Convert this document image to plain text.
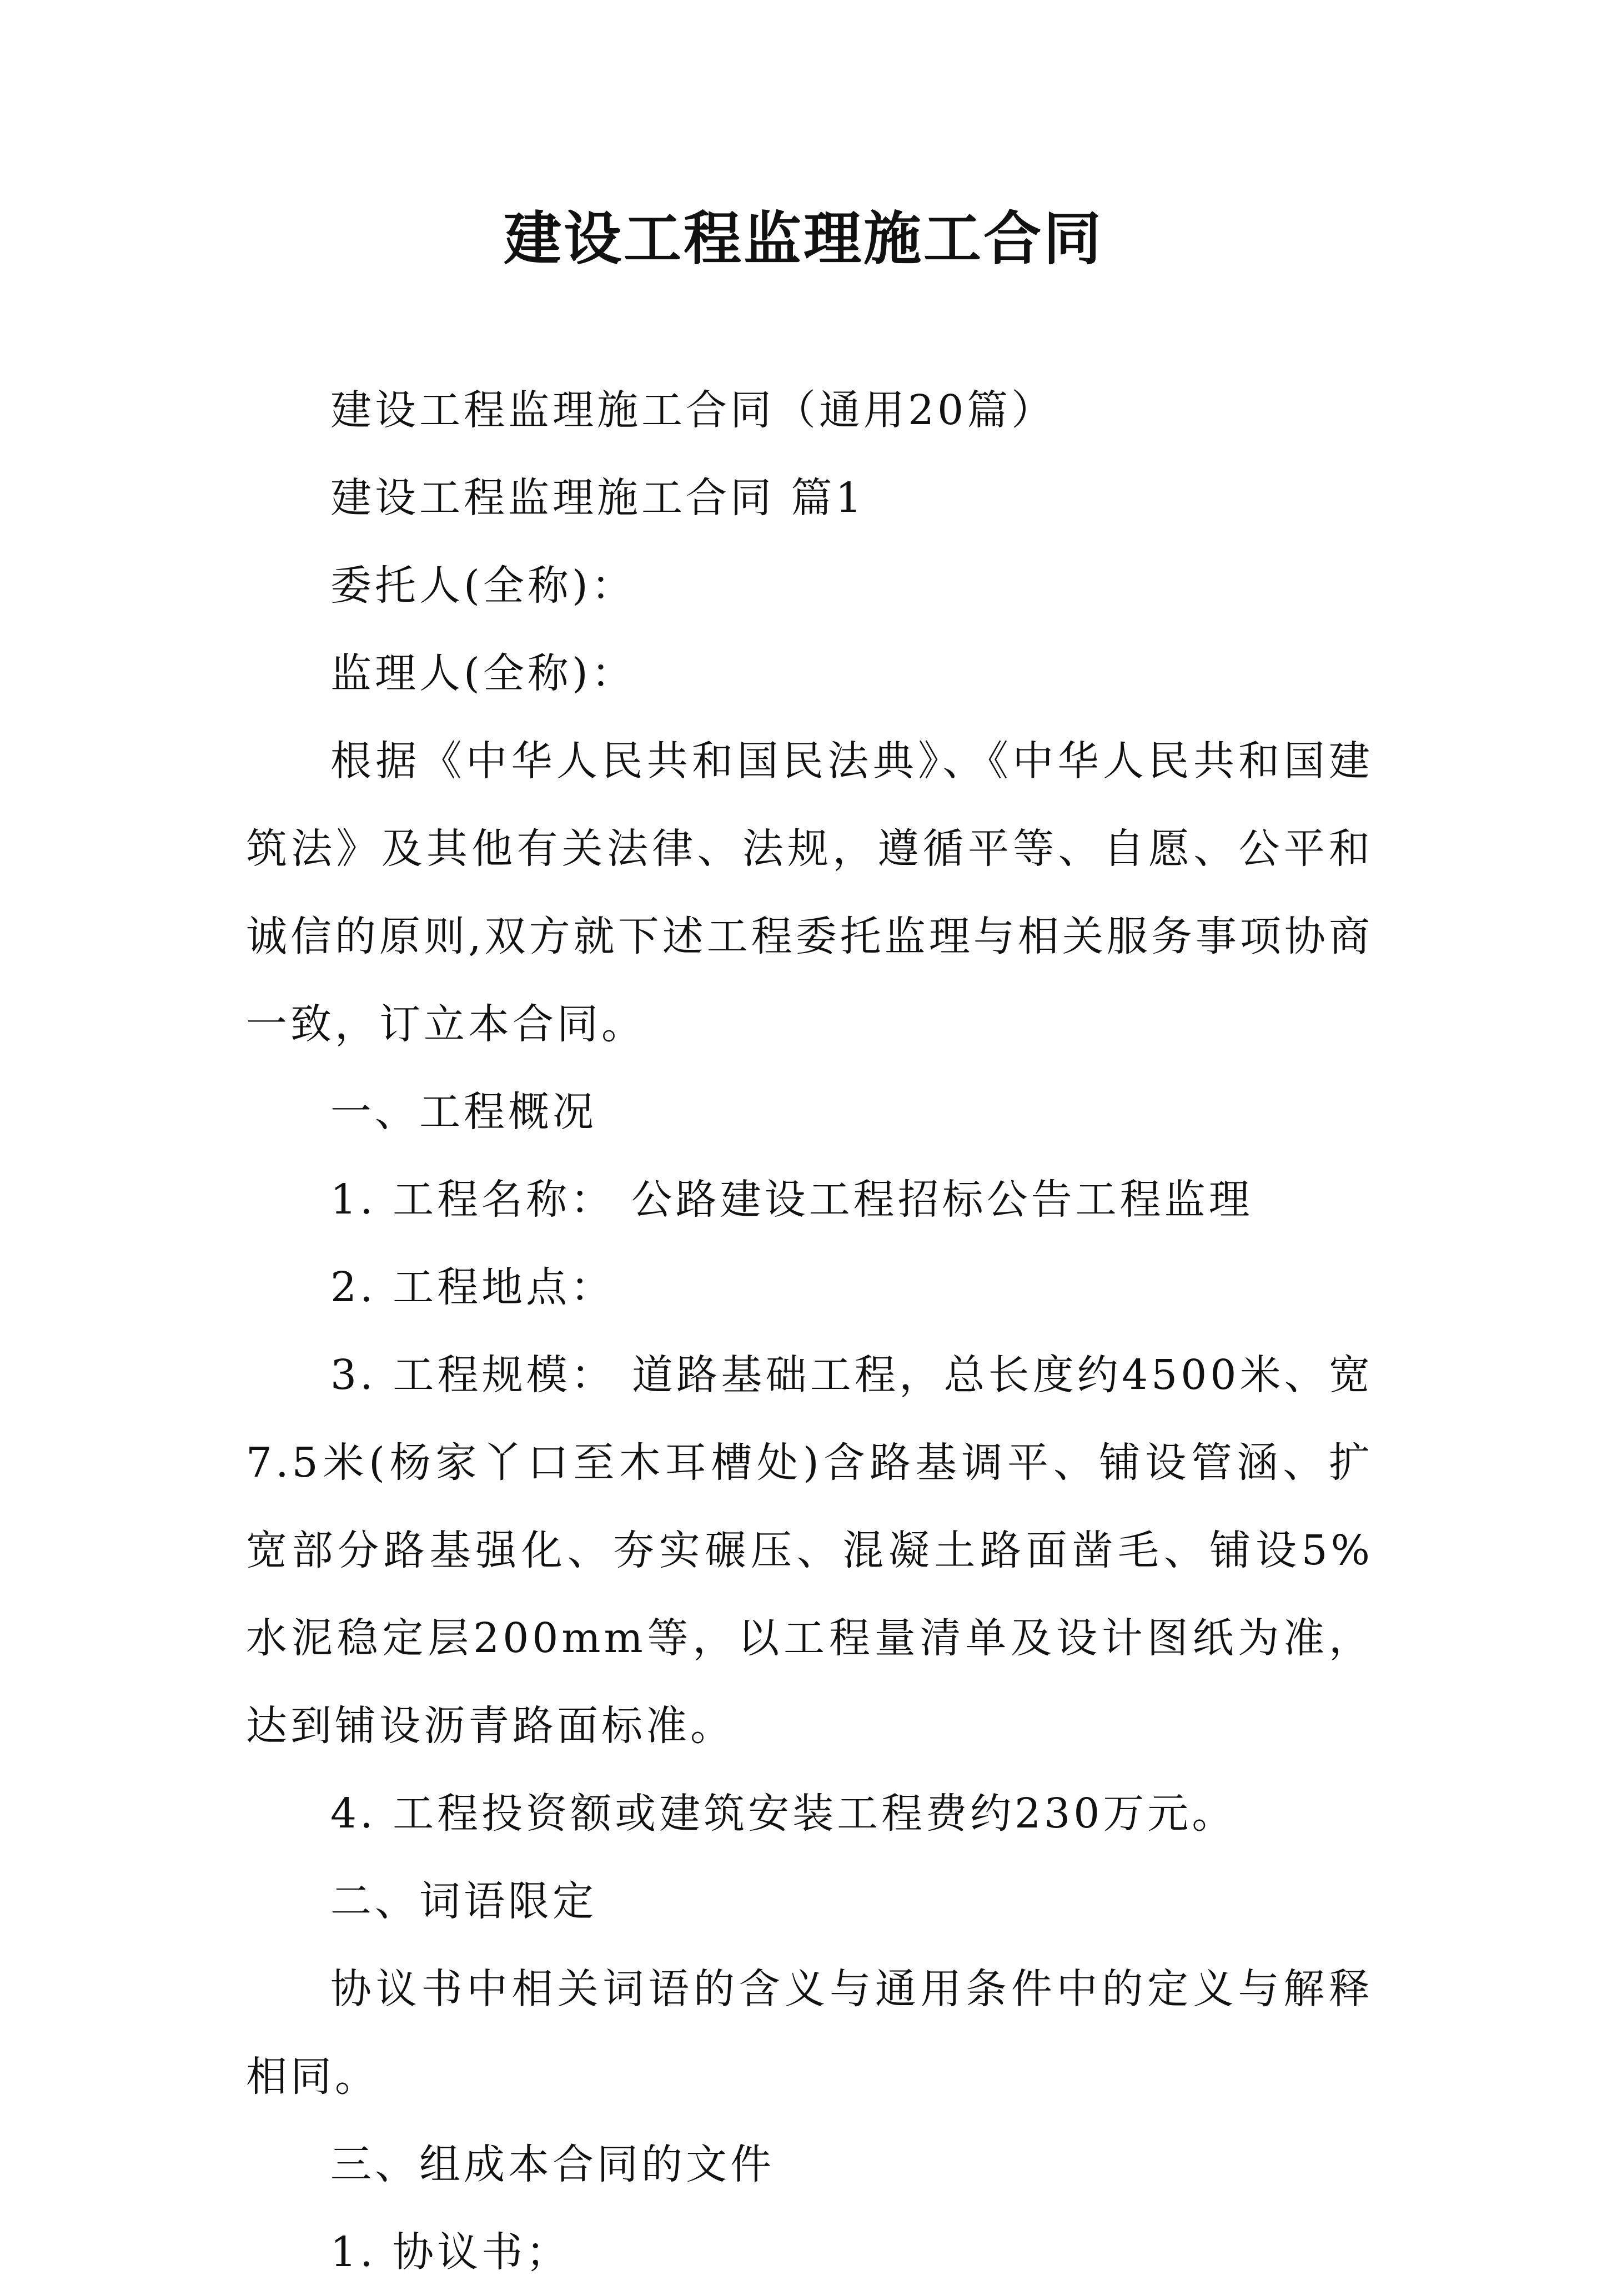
建设工程监理施工合同

建设工程监理施工合同（通用20篇）

建设工程监理施工合同 篇1

委托人(全称)：

监理人(全称)：

根据《中华人民共和国民法典》、《中华人民共和国建筑法》及其他有关法律、法规，遵循平等、自愿、公平和诚信的原则,双方就下述工程委托监理与相关服务事项协商一致，订立本合同。

一、工程概况

1. 工程名称： 公路建设工程招标公告工程监理

2. 工程地点：

3. 工程规模： 道路基础工程，总长度约4500米、宽7.5米(杨家丫口至木耳槽处)含路基调平、铺设管涵、扩宽部分路基强化、夯实碾压、混凝土路面凿毛、铺设5%水泥稳定层200mm等，以工程量清单及设计图纸为准，达到铺设沥青路面标准。

4. 工程投资额或建筑安装工程费约230万元。

二、词语限定

协议书中相关词语的含义与通用条件中的定义与解释相同。

三、组成本合同的文件

1. 协议书；
